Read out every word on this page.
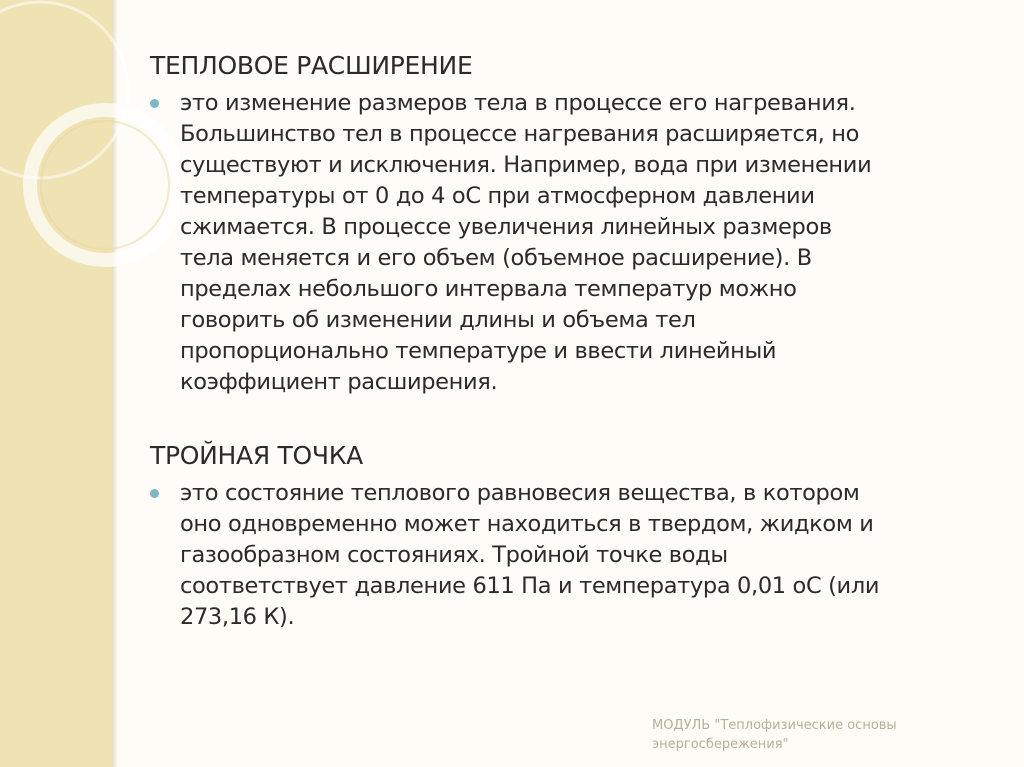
ТЕПЛОВОЕ РАСШИРЕНИЕ
это изменение размеров тела в процессе его нагревания.
Большинство тел в процессе нагревания расширяется, но
существуют и исключения. Например, вода при изменении
температуры от 0 до 4 оС при атмосферном давлении
сжимается. В процессе увеличения линейных размеров
тела меняется и его объем (объемное расширение). В
пределах небольшого интервала температур можно
говорить об изменении длины и объема тел
пропорционально температуре и ввести линейный
коэффициент расширения.
ТРОЙНАЯ ТОЧКА
это состояние теплового равновесия вещества, в котором
оно одновременно может находиться в твердом, жидком и
газообразном состояниях. Тройной точке воды
соответствует давление 611 Па и температура 0,01 оС (или
273,16 К).
МОДУЛЬ "Теплофизические основы
энергосбережения"
